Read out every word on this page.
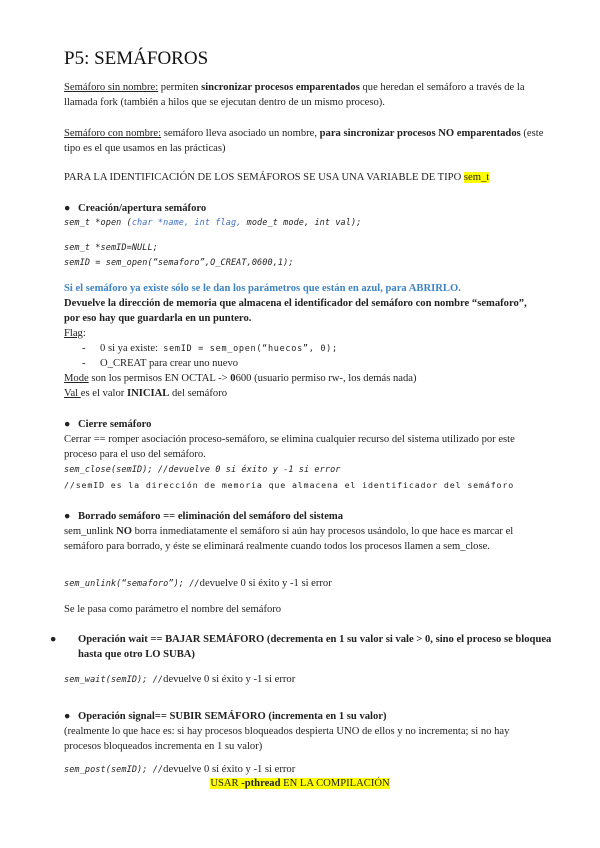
P5: SEMÁFOROS

Semáforo sin nombre: permiten sincronizar procesos emparentados que heredan el semáforo a través de la llamada fork (también a hilos que se ejecutan dentro de un mismo proceso).

Semáforo con nombre: semáforo lleva asociado un nombre, para sincronizar procesos NO emparentados (este tipo es el que usamos en las prácticas)

PARA LA IDENTIFICACIÓN DE LOS SEMÁFOROS SE USA UNA VARIABLE DE TIPO sem_t

● Creación/apertura semáforo

sem_t *open (char *name, int flag, mode_t mode, int val);

sem_t *semID=NULL;

semID = sem_open(“semaforo”,O_CREAT,0600,1);

Si el semáforo ya existe sólo se le dan los parámetros que están en azul, para ABRIRLO.

Devuelve la dirección de memoria que almacena el identificador del semáforo con nombre “semaforo”, por eso hay que guardarla en un puntero.

Flag:

- 0 si ya existe: semID = sem_open(“huecos”, 0);

- O_CREAT para crear uno nuevo

Mode son los permisos EN OCTAL -> 0600 (usuario permiso rw-, los demás nada)

Val es el valor INICIAL del semáforo

● Cierre semáforo

Cerrar == romper asociación proceso-semáforo, se elimina cualquier recurso del sistema utilizado por este proceso para el uso del semáforo.

sem_close(semID); //devuelve 0 si éxito y -1 si error

//semID es la dirección de memoria que almacena el identificador del semáforo

● Borrado semáforo == eliminación del semáforo del sistema

sem_unlink NO borra inmediatamente el semáforo si aún hay procesos usándolo, lo que hace es marcar el semáforo para borrado, y éste se eliminará realmente cuando todos los procesos llamen a sem_close.

sem_unlink(“semaforo”); //devuelve 0 si éxito y -1 si error

Se le pasa como parámetro el nombre del semáforo

● Operación wait == BAJAR SEMÁFORO (decrementa en 1 su valor si vale > 0, sino el proceso se bloquea hasta que otro LO SUBA)

sem_wait(semID); //devuelve 0 si éxito y -1 si error

● Operación signal== SUBIR SEMÁFORO (incrementa en 1 su valor)

(realmente lo que hace es: si hay procesos bloqueados despierta UNO de ellos y no incrementa; si no hay procesos bloqueados incrementa en 1 su valor)

sem_post(semID); //devuelve 0 si éxito y -1 si error

USAR -pthread EN LA COMPILACIÓN
